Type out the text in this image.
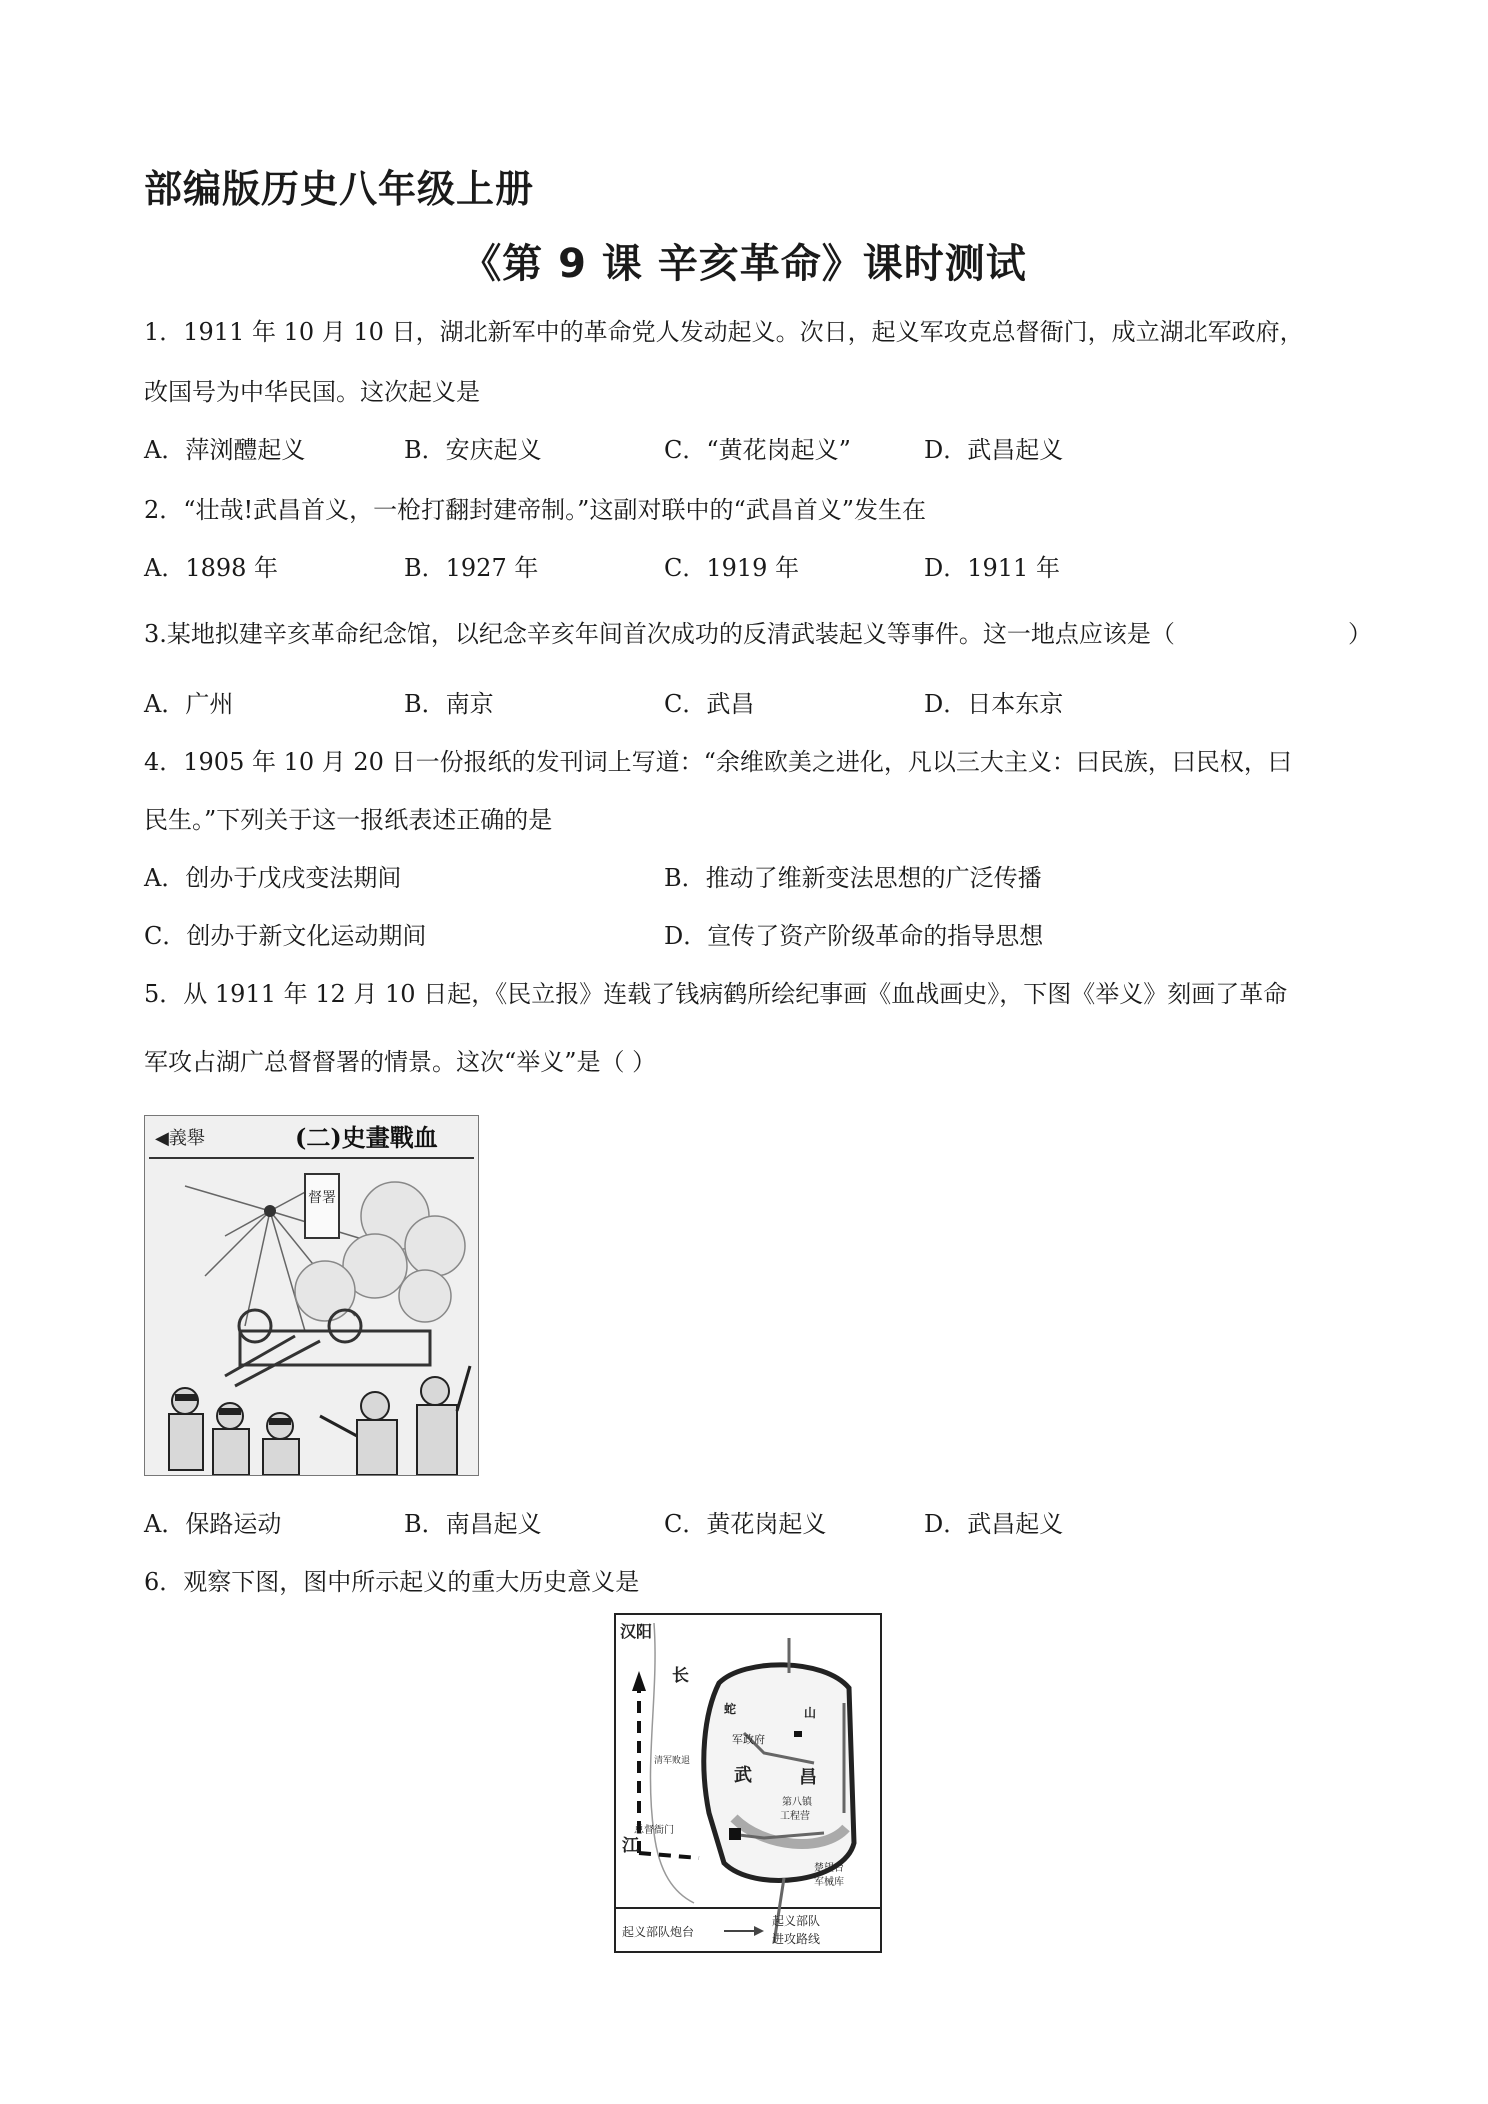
部编版历史八年级上册
《第 9 课 辛亥革命》课时测试
1．1911 年 10 月 10 日，湖北新军中的革命党人发动起义。次日，起义军攻克总督衙门，成立湖北军政府，
改国号为中华民国。这次起义是
A．萍浏醴起义	B．安庆起义	C．“黄花岗起义”	D．武昌起义
2．“壮哉!武昌首义，一枪打翻封建帝制。”这副对联中的“武昌首义”发生在
A．1898 年	B．1927 年	C．1919 年	D．1911 年
3.某地拟建辛亥革命纪念馆，以纪念辛亥年间首次成功的反清武装起义等事件。这一地点应该是（	）
A．广州	B．南京	C．武昌	D．日本东京
4．1905 年 10 月 20 日一份报纸的发刊词上写道：“余维欧美之进化，凡以三大主义：曰民族，曰民权，曰
民生。”下列关于这一报纸表述正确的是
A．创办于戊戌变法期间	B．推动了维新变法思想的广泛传播
C．创办于新文化运动期间	D．宣传了资产阶级革命的指导思想
5．从 1911 年 12 月 10 日起，《民立报》连载了钱病鹤所绘纪事画《血战画史》，下图《举义》刻画了革命
军攻占湖广总督督署的情景。这次“举义”是（ ）
◀義舉	(二)史畫戰血
督署
A．保路运动	B．南昌起义	C．黄花岗起义	D．武昌起义
6．观察下图，图中所示起义的重大历史意义是
汉阳
长
江
清军败退
蛇	山
军政府
武	昌
第八镇
工程营
总督衙门
楚望台
军械库
起义部队炮台
起义部队
进攻路线
